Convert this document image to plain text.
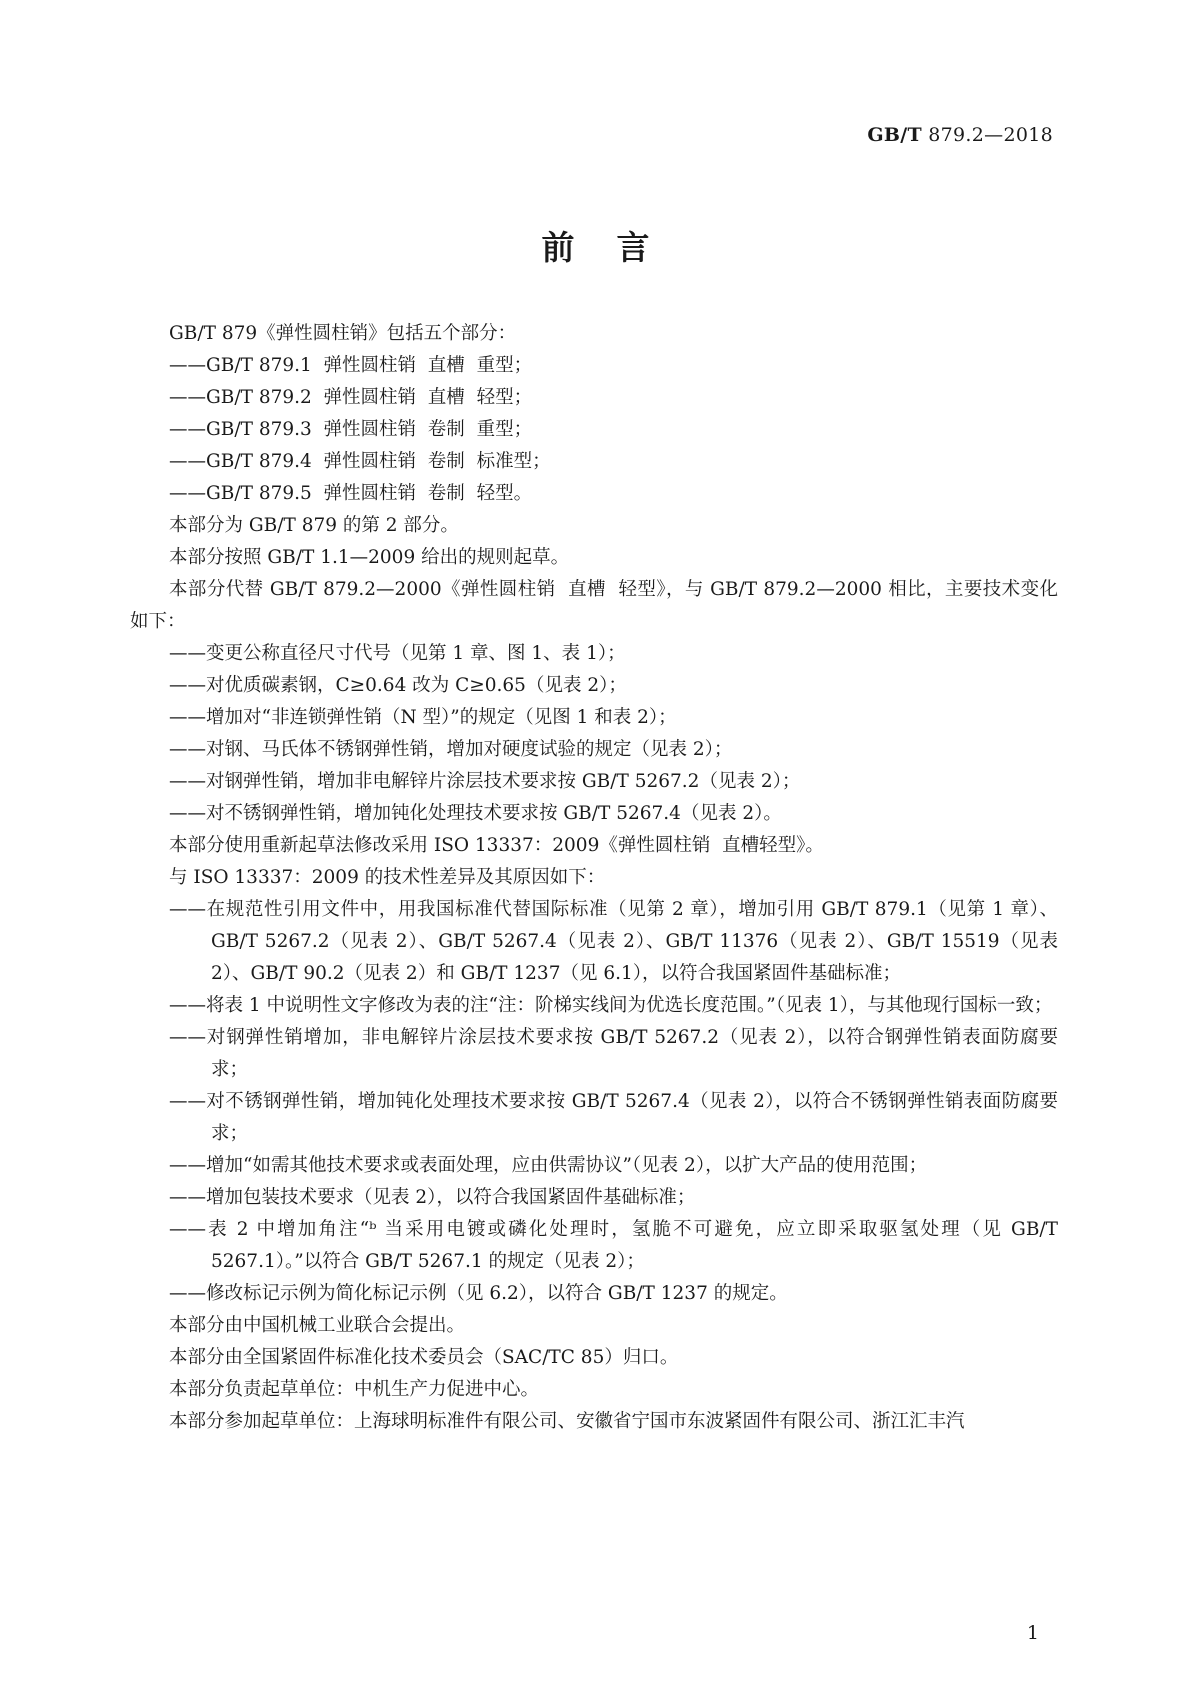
GB/T 879.2—2018
前言
GB/T 879《弹性圆柱销》包括五个部分：
——GB/T 879.1  弹性圆柱销  直槽  重型；
——GB/T 879.2  弹性圆柱销  直槽  轻型；
——GB/T 879.3  弹性圆柱销  卷制  重型；
——GB/T 879.4  弹性圆柱销  卷制  标准型；
——GB/T 879.5  弹性圆柱销  卷制  轻型。
本部分为 GB/T 879 的第 2 部分。
本部分按照 GB/T 1.1—2009 给出的规则起草。
本部分代替 GB/T 879.2—2000《弹性圆柱销  直槽  轻型》，与 GB/T 879.2—2000 相比，主要技术变化如下：
——变更公称直径尺寸代号（见第 1 章、图 1、表 1）；
——对优质碳素钢，C≥0.64 改为 C≥0.65（见表 2）；
——增加对“非连锁弹性销（N 型）”的规定（见图 1 和表 2）；
——对钢、马氏体不锈钢弹性销，增加对硬度试验的规定（见表 2）；
——对钢弹性销，增加非电解锌片涂层技术要求按 GB/T 5267.2（见表 2）；
——对不锈钢弹性销，增加钝化处理技术要求按 GB/T 5267.4（见表 2）。
本部分使用重新起草法修改采用 ISO 13337：2009《弹性圆柱销  直槽轻型》。
与 ISO 13337：2009 的技术性差异及其原因如下：
——在规范性引用文件中，用我国标准代替国际标准（见第 2 章），增加引用 GB/T 879.1（见第 1 章）、GB/T 5267.2（见表 2）、GB/T 5267.4（见表 2）、GB/T 11376（见表 2）、GB/T 15519（见表 2）、GB/T 90.2（见表 2）和 GB/T 1237（见 6.1），以符合我国紧固件基础标准；
——将表 1 中说明性文字修改为表的注“注：阶梯实线间为优选长度范围。”（见表 1），与其他现行国标一致；
——对钢弹性销增加，非电解锌片涂层技术要求按 GB/T 5267.2（见表 2），以符合钢弹性销表面防腐要求；
——对不锈钢弹性销，增加钝化处理技术要求按 GB/T 5267.4（见表 2），以符合不锈钢弹性销表面防腐要求；
——增加“如需其他技术要求或表面处理，应由供需协议”（见表 2），以扩大产品的使用范围；
——增加包装技术要求（见表 2），以符合我国紧固件基础标准；
——表 2 中增加角注“ᵇ 当采用电镀或磷化处理时，氢脆不可避免，应立即采取驱氢处理（见 GB/T 5267.1）。”以符合 GB/T 5267.1 的规定（见表 2）；
——修改标记示例为简化标记示例（见 6.2），以符合 GB/T 1237 的规定。
本部分由中国机械工业联合会提出。
本部分由全国紧固件标准化技术委员会（SAC/TC 85）归口。
本部分负责起草单位：中机生产力促进中心。
本部分参加起草单位：上海球明标准件有限公司、安徽省宁国市东波紧固件有限公司、浙江汇丰汽
1
